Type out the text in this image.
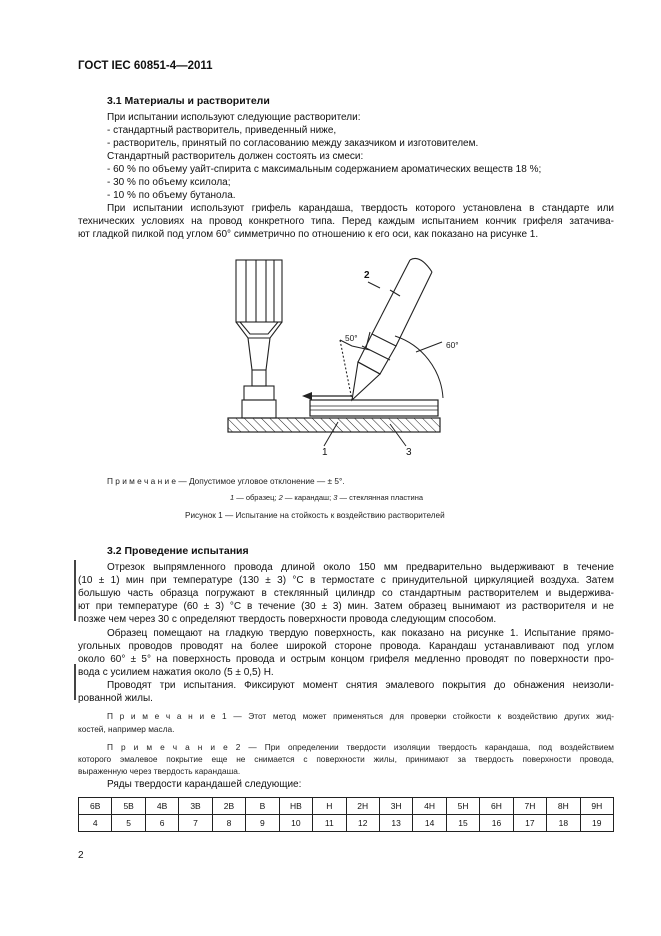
ГОСТ IEC 60851-4—2011
3.1 Материалы и растворители
При испытании используют следующие растворители:
- стандартный растворитель, приведенный ниже,
- растворитель, принятый по согласованию между заказчиком и изготовителем.
Стандартный растворитель должен состоять из смеси:
- 60 % по объему уайт-спирита с максимальным содержанием ароматических веществ 18 %;
- 30 % по объему ксилола;
- 10 % по объему бутанола.
При испытании используют грифель карандаша, твердость которого установлена в стандарте или
технических условиях на провод конкретного типа. Перед каждым испытанием кончик грифеля затачива-
ют гладкой пилкой под углом 60° симметрично по отношению к его оси, как показано на рисунке 1.
2
50°
60°
1	3
П р и м е ч а н и е — Допустимое угловое отклонение — ± 5°.
1 — образец; 2 — карандаш; 3 — стеклянная пластина
Рисунок 1 — Испытание на стойкость к воздействию растворителей
3.2 Проведение испытания
Отрезок выпрямленного провода длиной около 150 мм предварительно выдерживают в течение
(10 ± 1) мин при температуре (130 ± 3) °С в термостате с принудительной циркуляцией воздуха. Затем
большую часть образца погружают в стеклянный цилиндр со стандартным растворителем и выдержива-
ют при температуре (60 ± 3) °С в течение (30 ± 3) мин. Затем образец вынимают из растворителя и не
позже чем через 30 с определяют твердость поверхности провода следующим способом.
Образец помещают на гладкую твердую поверхность, как показано на рисунке 1. Испытание прямо-
угольных проводов проводят на более широкой стороне провода. Карандаш устанавливают под углом
около 60° ± 5° на поверхность провода и острым концом грифеля медленно проводят по поверхности про-
вода с усилием нажатия около (5 ± 0,5) Н.
Проводят три испытания. Фиксируют момент снятия эмалевого покрытия до обнажения неизоли-
рованной жилы.
П р и м е ч а н и е 1 — Этот метод может применяться для проверки стойкости к воздействию других жид-
костей, например масла.
П р и м е ч а н и е 2 — При определении твердости изоляции твердость карандаша, под воздействием
которого эмалевое покрытие еще не снимается с поверхности жилы, принимают за твердость поверхности провода,
выраженную через твердость карандаша.
Ряды твердости карандашей следующие:
6B	5B	4B	3B	2B	B	HB	H	2H	3H	4H	5H	6H	7H	8H	9H
4	5	6	7	8	9	10	11	12	13	14	15	16	17	18	19
2
